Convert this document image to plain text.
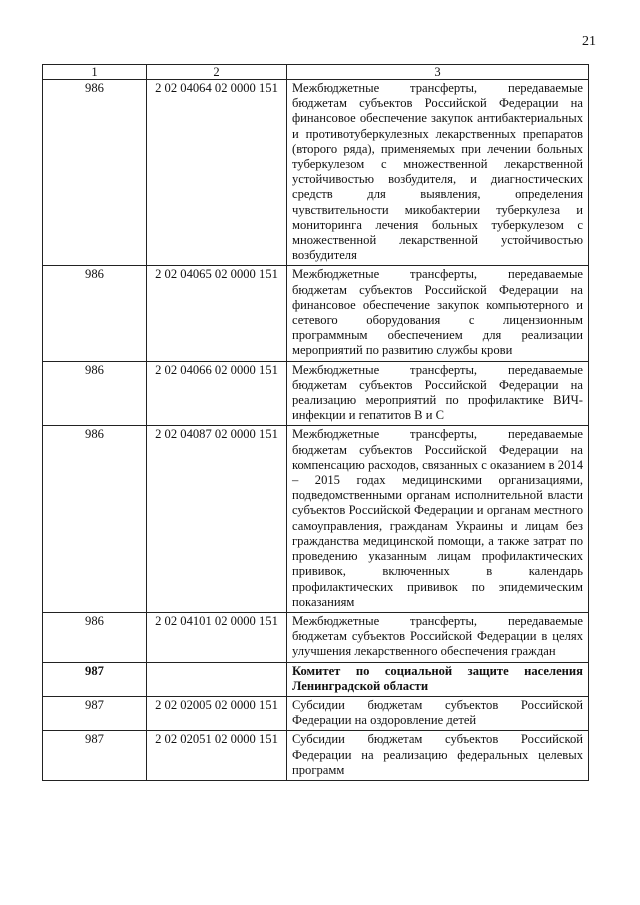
21
1	2	3
986	2 02 04064 02 0000 151	Межбюджетные трансферты, передаваемые бюджетам субъектов Российской Федерации на финансовое обеспечение закупок антибактериальных и противотуберкулезных лекарственных препаратов (второго ряда), применяемых при лечении больных туберкулезом с множественной лекарственной устойчивостью возбудителя, и диагностических средств для выявления, определения чувствительности микобактерии туберкулеза и мониторинга лечения больных туберкулезом с множественной лекарственной устойчивостью возбудителя
986	2 02 04065 02 0000 151	Межбюджетные трансферты, передаваемые бюджетам субъектов Российской Федерации на финансовое обеспечение закупок компьютерного и сетевого оборудования с лицензионным программным обеспечением для реализации мероприятий по развитию службы крови
986	2 02 04066 02 0000 151	Межбюджетные трансферты, передаваемые бюджетам субъектов Российской Федерации на реализацию мероприятий по профилактике ВИЧ-инфекции и гепатитов В и С
986	2 02 04087 02 0000 151	Межбюджетные трансферты, передаваемые бюджетам субъектов Российской Федерации на компенсацию расходов, связанных с оказанием в 2014 – 2015 годах медицинскими организациями, подведомственными органам исполнительной власти субъектов Российской Федерации и органам местного самоуправления, гражданам Украины и лицам без гражданства медицинской помощи, а также затрат по проведению указанным лицам профилактических прививок, включенных в календарь профилактических прививок по эпидемическим показаниям
986	2 02 04101 02 0000 151	Межбюджетные трансферты, передаваемые бюджетам субъектов Российской Федерации в целях улучшения лекарственного обеспечения граждан
987		Комитет по социальной защите населения Ленинградской области
987	2 02 02005 02 0000 151	Субсидии бюджетам субъектов Российской Федерации на оздоровление детей
987	2 02 02051 02 0000 151	Субсидии бюджетам субъектов Российской Федерации на реализацию федеральных целевых программ
